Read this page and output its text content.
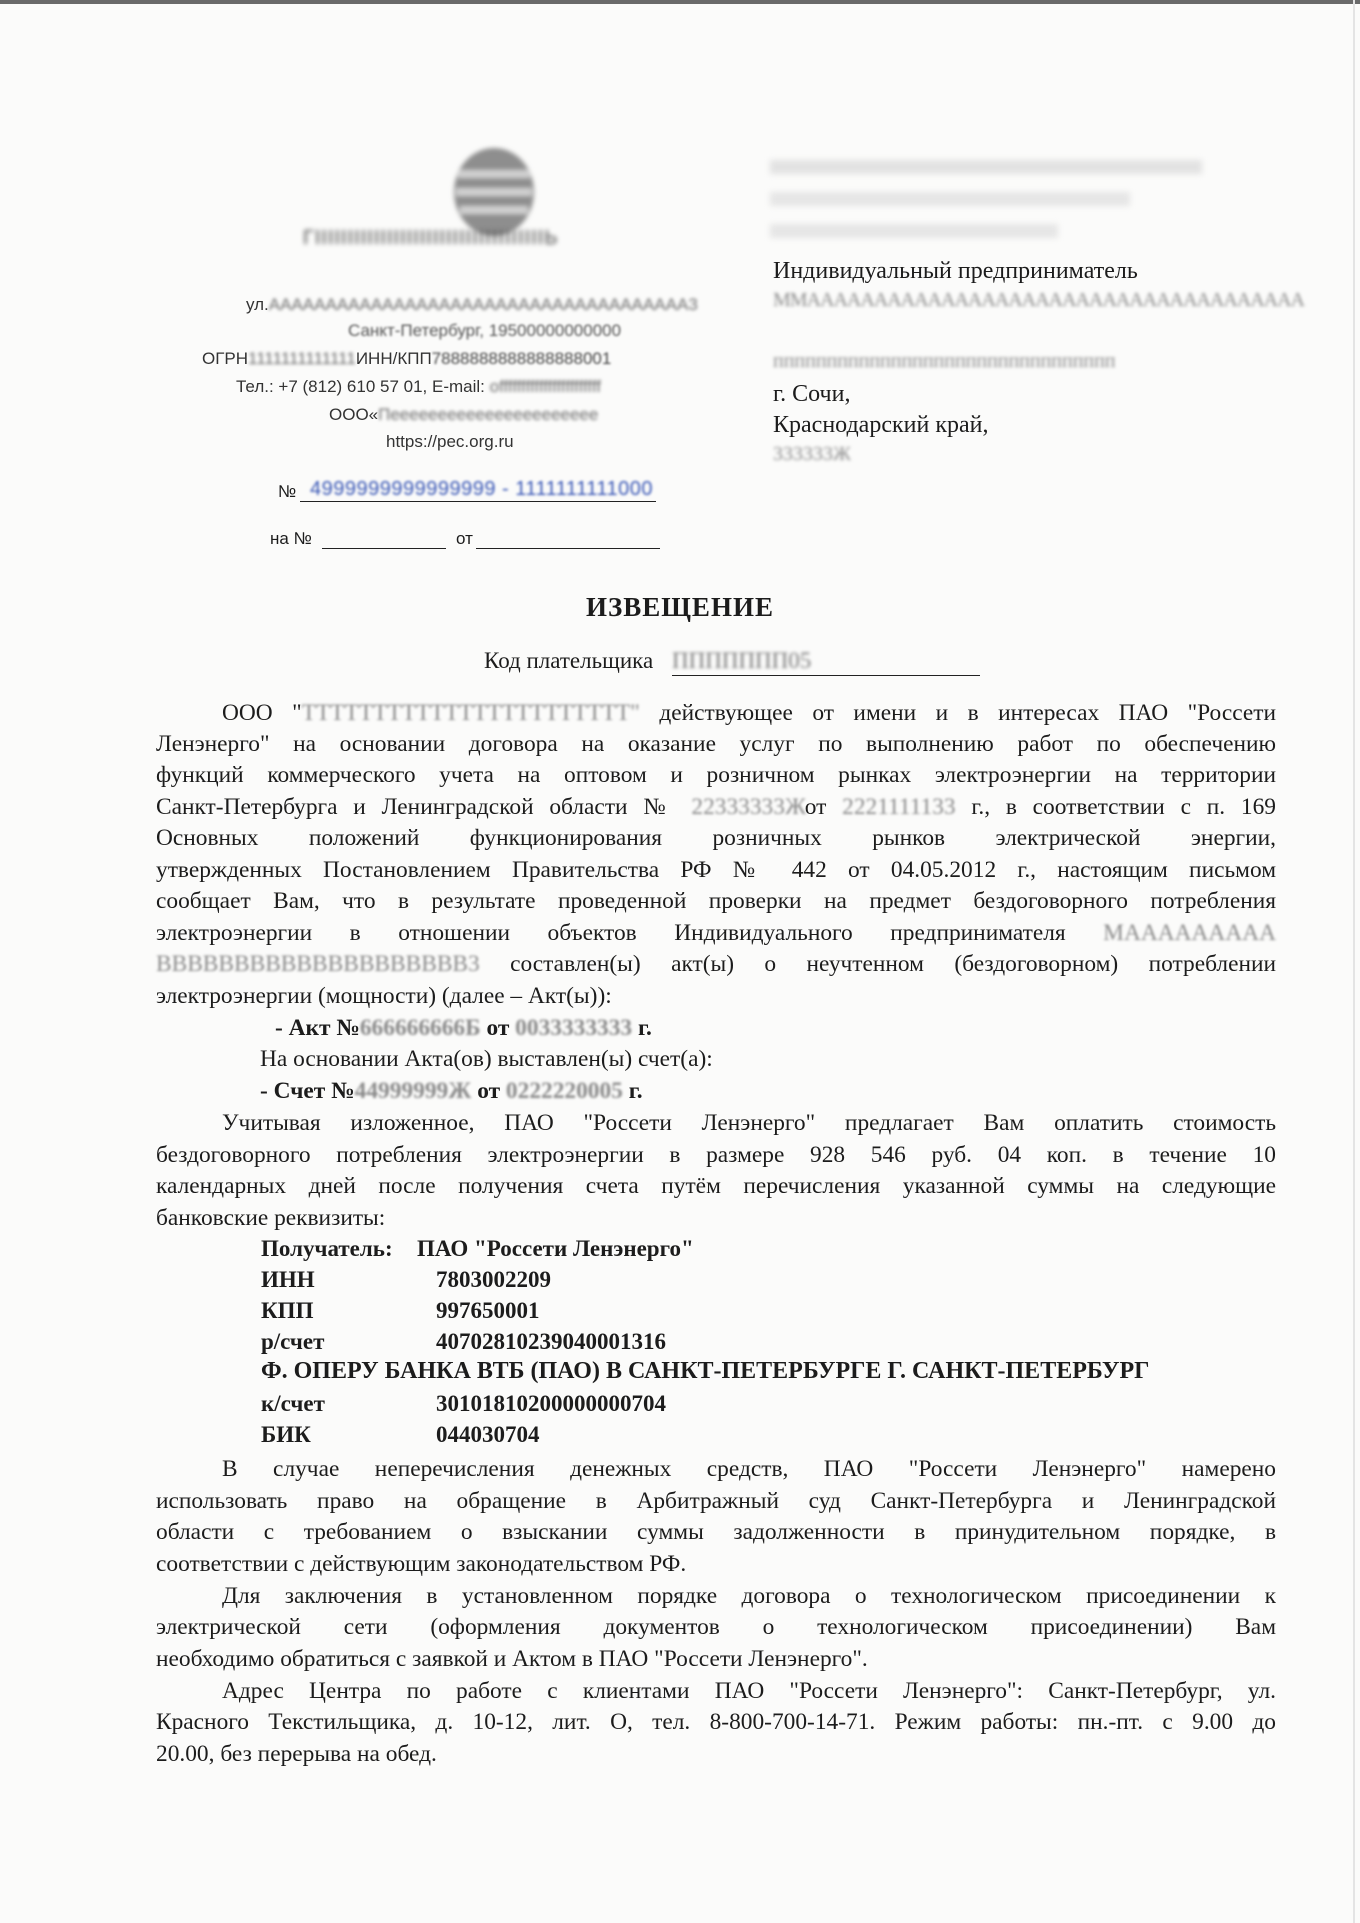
ГIIIIIIIIIIIIIIIIIIIIIIIIIIIIIIIIIIIЬ
ул.AAAAAAAAAAAAAAAAAAAAAAAAAAAAAAAAAAAAA3
Санкт-Петербург, 19500000000000
ОГРН1111111111111ИНН/КПП7888888888888888001
Тел.: +7 (812) 610 57 01, E-mail: offfffffffffffffffffffff
ООО«Пееееееееееееееееееееее
https://pec.org.ru
№ 4999999999999999 - 1111111111000
на №	от
Индивидуальный предприниматель
ММААААААААААААААААААААААААААААААААААААА
пппппппппппппппппппппппппппппппп
г. Сочи,
Краснодарский край,
333333Ж
ИЗВЕЩЕНИЕ
Код плательщика ППППППП05
ООО "ТТТТТТТТТТТТТТТТТТТТТТТ" действующее от имени и в интересах ПАО "Россети
Ленэнерго" на основании договора на оказание услуг по выполнению работ по обеспечению
функций коммерческого учета на оптовом и розничном рынках электроэнергии на территории
Санкт-Петербурга и Ленинградской области № 22333333Жот 2221111133 г., в соответствии с п. 169
Основных положений функционирования розничных рынков электрической энергии,
утвержденных Постановлением Правительства РФ № 442 от 04.05.2012 г., настоящим письмом
сообщает Вам, что в результате проведенной проверки на предмет бездоговорного потребления
электроэнергии в отношении объектов Индивидуального предпринимателя МААААААААА
ВВВВВВВВВВВВВВВВВВВВ3 составлен(ы) акт(ы) о неучтенном (бездоговорном) потреблении
электроэнергии (мощности) (далее – Акт(ы)):
- Акт №666666666Б от 0033333333 г.
На основании Акта(ов) выставлен(ы) счет(а):
- Счет №44999999Ж от 0222220005 г.
Учитывая изложенное, ПАО "Россети Ленэнерго" предлагает Вам оплатить стоимость
бездоговорного потребления электроэнергии в размере 928 546 руб. 04 коп. в течение 10
календарных дней после получения счета путём перечисления указанной суммы на следующие
банковские реквизиты:
Получатель: ПАО "Россети Ленэнерго"
ИНН	7803002209
КПП	997650001
р/счет	40702810239040001316
Ф. ОПЕРУ БАНКА ВТБ (ПАО) В САНКТ-ПЕТЕРБУРГЕ Г. САНКТ-ПЕТЕРБУРГ
к/счет	30101810200000000704
БИК	044030704
В случае неперечисления денежных средств, ПАО "Россети Ленэнерго" намерено
использовать право на обращение в Арбитражный суд Санкт-Петербурга и Ленинградской
области с требованием о взыскании суммы задолженности в принудительном порядке, в
соответствии с действующим законодательством РФ.
Для заключения в установленном порядке договора о технологическом присоединении к
электрической сети (оформления документов о технологическом присоединении) Вам
необходимо обратиться с заявкой и Актом в ПАО "Россети Ленэнерго".
Адрес Центра по работе с клиентами ПАО "Россети Ленэнерго": Санкт-Петербург, ул.
Красного Текстильщика, д. 10-12, лит. О, тел. 8-800-700-14-71. Режим работы: пн.-пт. с 9.00 до
20.00, без перерыва на обед.
